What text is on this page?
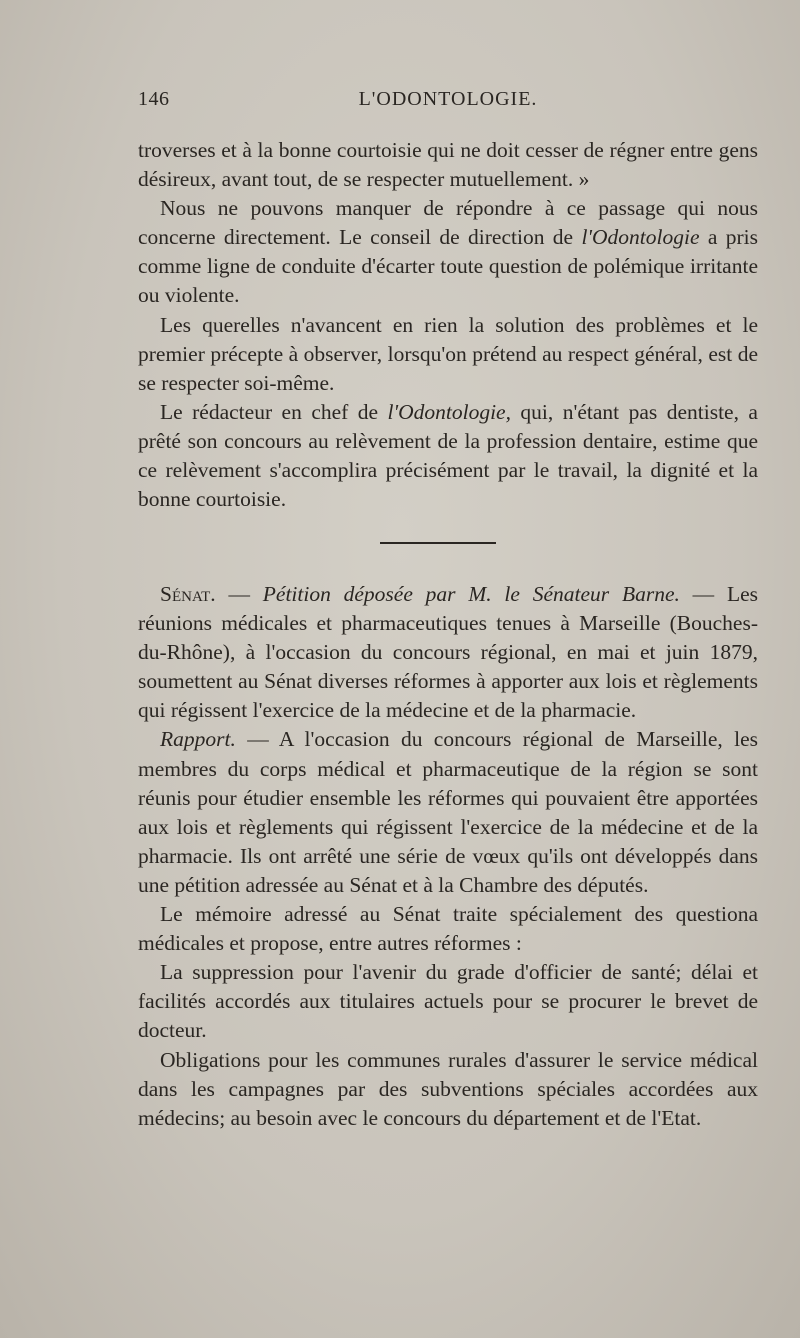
146	L'ODONTOLOGIE.

troverses et à la bonne courtoisie qui ne doit cesser de régner entre gens désireux, avant tout, de se respecter mutuellement. »

Nous ne pouvons manquer de répondre à ce passage qui nous concerne directement. Le conseil de direction de l'Odontologie a pris comme ligne de conduite d'écarter toute question de polémique irritante ou violente.

Les querelles n'avancent en rien la solution des problèmes et le premier précepte à observer, lorsqu'on prétend au respect général, est de se respecter soi-même.

Le rédacteur en chef de l'Odontologie, qui, n'étant pas dentiste, a prêté son concours au relèvement de la profession dentaire, estime que ce relèvement s'accomplira précisément par le travail, la dignité et la bonne courtoisie.

Sénat. — Pétition déposée par M. le Sénateur Barne. — Les réunions médicales et pharmaceutiques tenues à Marseille (Bouches-du-Rhône), à l'occasion du concours régional, en mai et juin 1879, soumettent au Sénat diverses réformes à apporter aux lois et règlements qui régissent l'exercice de la médecine et de la pharmacie.

Rapport. — A l'occasion du concours régional de Marseille, les membres du corps médical et pharmaceutique de la région se sont réunis pour étudier ensemble les réformes qui pouvaient être apportées aux lois et règlements qui régissent l'exercice de la médecine et de la pharmacie. Ils ont arrêté une série de vœux qu'ils ont développés dans une pétition adressée au Sénat et à la Chambre des députés.

Le mémoire adressé au Sénat traite spécialement des questiona médicales et propose, entre autres réformes :

La suppression pour l'avenir du grade d'officier de santé; délai et facilités accordés aux titulaires actuels pour se procurer le brevet de docteur.

Obligations pour les communes rurales d'assurer le service médical dans les campagnes par des subventions spéciales accordées aux médecins; au besoin avec le concours du département et de l'Etat.
